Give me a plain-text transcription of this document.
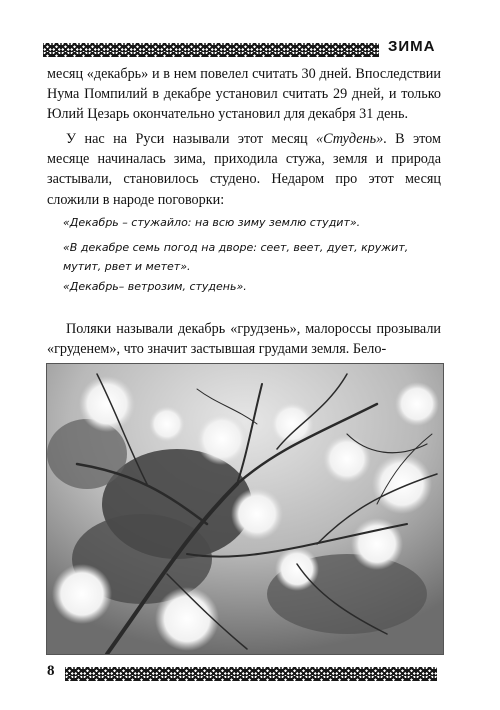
ЗИМА
месяц «декабрь» и в нем повелел считать 30 дней. Впоследствии Нума Помпилий в декабре установил считать 29 дней, и только Юлий Цезарь окончательно установил для декабря 31 день.
У нас на Руси называли этот месяц «Студень». В этом месяце начиналась зима, приходила стужа, земля и природа застывали, становилось студено. Недаром про этот месяц сложили в народе поговорки:
«Декабрь – стужайло: на всю зиму землю студит».
«В декабре семь погод на дворе: сеет, веет, дует, кружит, мутит, рвет и метет».
«Декабрь– ветрозим, студень».
Поляки называли декабрь «грудзень», малороссы прозывали «груденем», что значит застывшая грудами земля. Бело-
8
